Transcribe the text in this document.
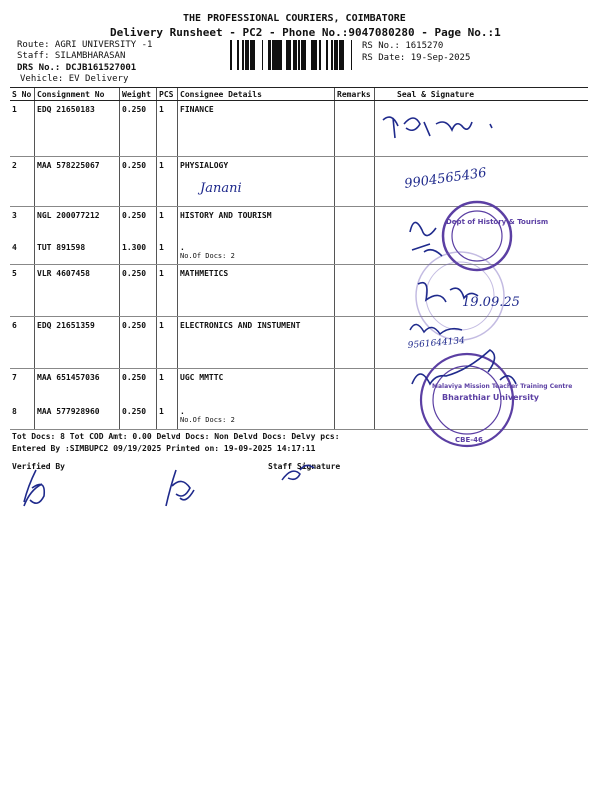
THE PROFESSIONAL COURIERS, COIMBATORE
Delivery Runsheet - PC2 - Phone No.:9047080280 - Page No.:1
Route: AGRI UNIVERSITY -1
Staff: SILAMBHARASAN
DRS No.: DCJB161527001
Vehicle: EV Delivery
RS No.: 1615270
RS Date: 19-Sep-2025
S No	Consignment No	Weight	PCS	Consignee Details	Remarks	Seal & Signature
1	EDQ 21650183	0.250	1	FINANCE		
2	MAA 578225067	0.250	1	PHYSIALOGY		
3	NGL 200077212	0.250	1	HISTORY AND TOURISM		
4	TUT 891598	1.300	1	.
No.Of Docs: 2		

5	VLR 4607458	0.250	1	MATHMETICS		
6	EDQ 21651359	0.250	1	ELECTRONICS AND INSTUMENT		
7	MAA 651457036	0.250	1	UGC MMTTC		
8	MAA 577928960	0.250	1	.
No.Of Docs: 2		

Tot Docs: 8 Tot COD Amt: 0.00 Delvd Docs: Non Delvd Docs: Delvy pcs:
Entered By :SIMBUPC2 09/19/2025 Printed on: 19-09-2025 14:17:11
Verified By	Staff Signature
Dept of History & Tourism
Malaviya Mission Teacher Training Centre
Bharathiar University
CBE-46
9904565436
Janani
19.09.25
9561644134
